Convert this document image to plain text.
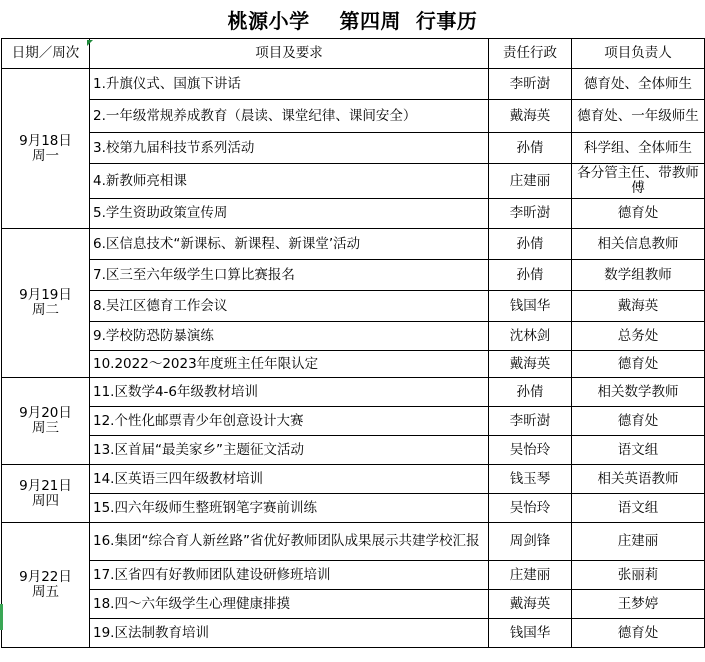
桃源小学    第四周  行事历
日期／周次	项目及要求	责任行政	项目负责人

9月18日
周一	1.升旗仪式、国旗下讲话	李昕澍	德育处、全体师生
	2.一年级常规养成教育（晨读、课堂纪律、课间安全）	戴海英	德育处、一年级师生
	3.校第九届科技节系列活动	孙倩	科学组、全体师生
	4.新教师亮相课	庄建丽	各分管主任、带教师傅
	5.学生资助政策宣传周	李昕澍	德育处

9月19日
周二	6.区信息技术“新课标、新课程、新课堂’活动	孙倩	相关信息教师
	7.区三至六年级学生口算比赛报名	孙倩	数学组教师
	8.吴江区德育工作会议	钱国华	戴海英
	9.学校防恐防暴演练	沈林剑	总务处
	10.2022～2023年度班主任年限认定	戴海英	德育处

9月20日
周三	11.区数学4-6年级教材培训	孙倩	相关数学教师
	12.个性化邮票青少年创意设计大赛	李昕澍	德育处
	13.区首届“最美家乡”主题征文活动	吴怡玲	语文组

9月21日
周四	14.区英语三四年级教材培训	钱玉琴	相关英语教师
	15.四六年级师生整班钢笔字赛前训练	吴怡玲	语文组

9月22日
周五	16.集团“综合育人新丝路”省优好教师团队成果展示共建学校汇报	周剑锋	庄建丽
	17.区省四有好教师团队建设研修班培训	庄建丽	张丽莉
	18.四～六年级学生心理健康排摸	戴海英	王梦婷
	19.区法制教育培训	钱国华	德育处
